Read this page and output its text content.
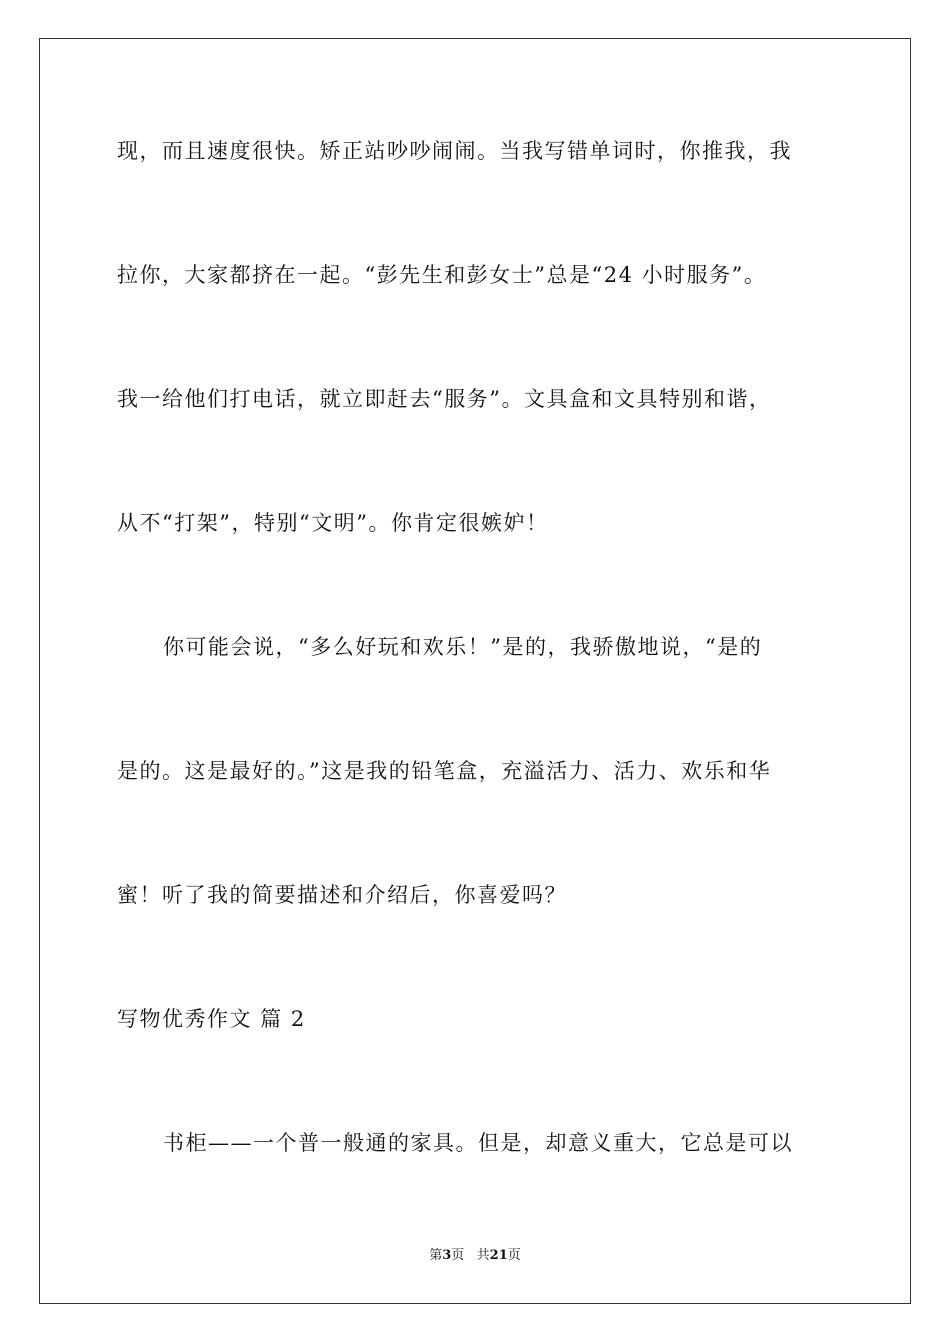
现，而且速度很快。矫正站吵吵闹闹。当我写错单词时，你推我，我
拉你，大家都挤在一起。“彭先生和彭女士”总是“24 小时服务”。
我一给他们打电话，就立即赶去“服务”。文具盒和文具特别和谐，
从不“打架”，特别“文明”。你肯定很嫉妒！
你可能会说，“多么好玩和欢乐！”是的，我骄傲地说，“是的
是的。这是最好的。”这是我的铅笔盒，充溢活力、活力、欢乐和华
蜜！听了我的简要描述和介绍后，你喜爱吗？
写物优秀作文 篇 2
书柜——一个普一般通的家具。但是，却意义重大，它总是可以
第3页   共21页
